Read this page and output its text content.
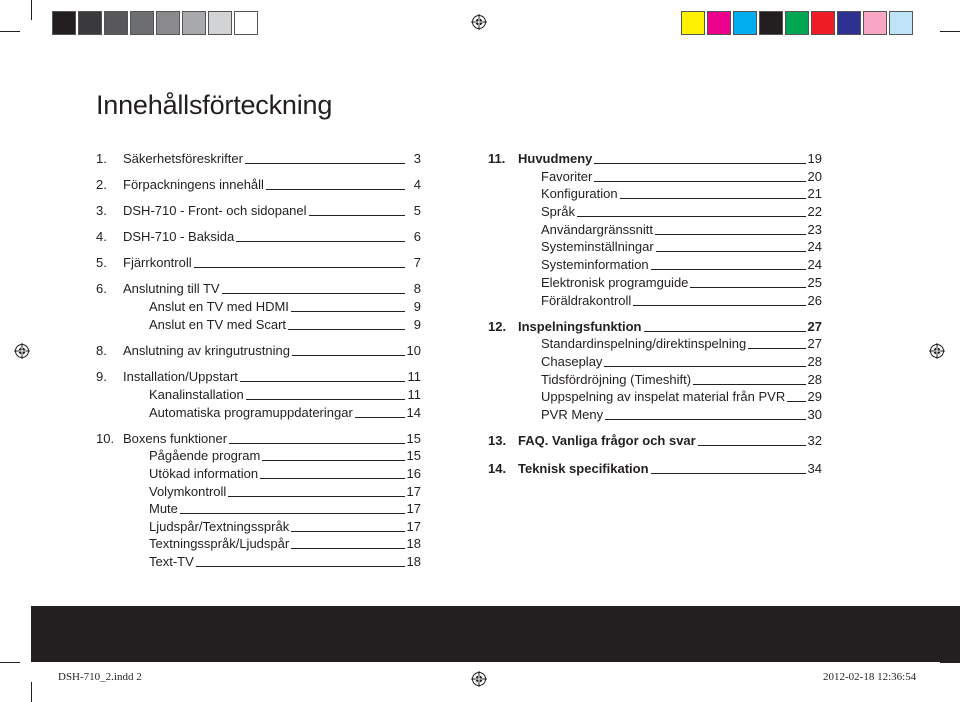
Innehållsförteckning
1.	Säkerhetsföreskrifter	3
2.	Förpackningens innehåll	4
3.	DSH-710 - Front- och sidopanel	5
4.	DSH-710 - Baksida	6
5.	Fjärrkontroll	7
6.	Anslutning till TV	8
Anslut en TV med HDMI	9
Anslut en TV med Scart	9
8.	Anslutning av kringutrustning	10
9.	Installation/Uppstart	11
Kanalinstallation	11
Automatiska programuppdateringar	14
10. Boxens funktioner	15
Pågående program	15
Utökad information	16
Volymkontroll	17
Mute	17
Ljudspår/Textningsspråk	17
Textningsspråk/Ljudspår	18
Text-TV	18
11. Huvudmeny	19
Favoriter	20
Konfiguration	21
Språk	22
Användargränssnitt	23
Systeminställningar	24
Systeminformation	24
Elektronisk programguide	25
Föräldrakontroll	26
12. Inspelningsfunktion	27
Standardinspelning/direktinspelning	27
Chaseplay	28
Tidsfördröjning (Timeshift)	28
Uppspelning av inspelat material från PVR 29
PVR Meny	30
13. FAQ. Vanliga frågor och svar	32
14. Teknisk specifikation	34
DSH-710_2.indd 2	2012-02-18 12:36:54
